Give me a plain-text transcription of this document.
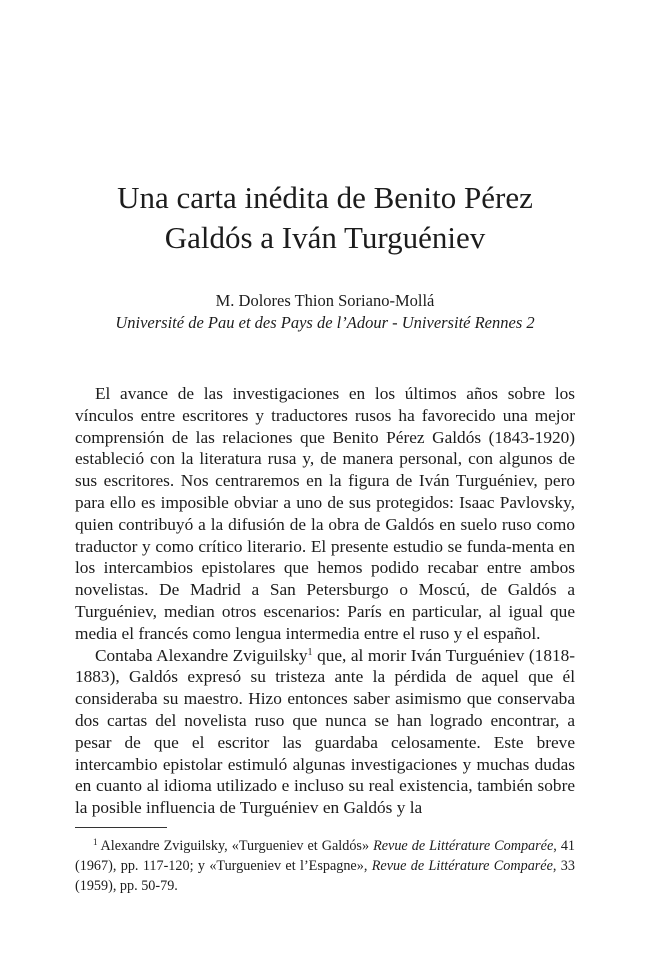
Una carta inédita de Benito Pérez
Galdós a Iván Turguéniev
M. Dolores Thion Soriano-Mollá
Université de Pau et des Pays de l’Adour - Université Rennes 2

El avance de las investigaciones en los últimos años sobre los vínculos entre escritores y traductores rusos ha favorecido una mejor comprensión de las relaciones que Benito Pérez Galdós (1843-1920) estableció con la literatura rusa y, de manera personal, con algunos de sus escritores. Nos centraremos en la figura de Iván Turguéniev, pero para ello es imposible obviar a uno de sus protegidos: Isaac Pavlovsky, quien contribuyó a la difusión de la obra de Galdós en suelo ruso como traductor y como crítico literario. El presente estudio se funda-menta en los intercambios epistolares que hemos podido recabar entre ambos novelistas. De Madrid a San Petersburgo o Moscú, de Galdós a Turguéniev, median otros escenarios: París en particular, al igual que media el francés como lengua intermedia entre el ruso y el español.

Contaba Alexandre Zviguilsky$^1$ que, al morir Iván Turguéniev (1818-1883), Galdós expresó su tristeza ante la pérdida de aquel que él consideraba su maestro. Hizo entonces saber asimismo que conservaba dos cartas del novelista ruso que nunca se han logrado encontrar, a pesar de que el escritor las guardaba celosamente. Este breve intercambio epistolar estimuló algunas investigaciones y muchas dudas en cuanto al idioma utilizado e incluso su real existencia, también sobre la posible influencia de Turguéniev en Galdós y la

$^1$ Alexandre Zviguilsky, «Turgueniev et Galdós» Revue de Littérature Comparée, 41 (1967), pp. 117-120; y «Turgueniev et l’Espagne», Revue de Littérature Comparée, 33 (1959), pp. 50-79.
